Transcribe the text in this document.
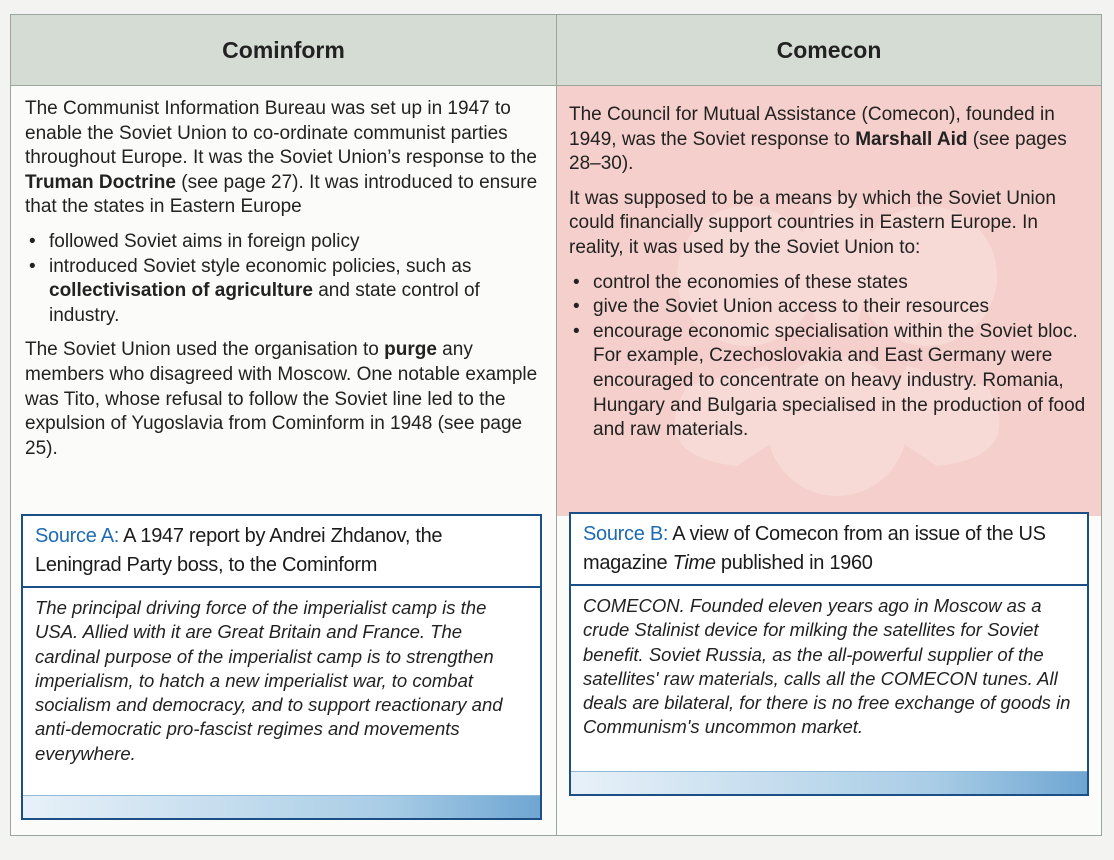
Cominform

The Communist Information Bureau was set up in 1947 to enable the Soviet Union to co-ordinate communist parties throughout Europe. It was the Soviet Union’s response to the Truman Doctrine (see page 27). It was introduced to ensure that the states in Eastern Europe

• followed Soviet aims in foreign policy
• introduced Soviet style economic policies, such as collectivisation of agriculture and state control of industry.

The Soviet Union used the organisation to purge any members who disagreed with Moscow. One notable example was Tito, whose refusal to follow the Soviet line led to the expulsion of Yugoslavia from Cominform in 1948 (see page 25).

Source A: A 1947 report by Andrei Zhdanov, the Leningrad Party boss, to the Cominform
The principal driving force of the imperialist camp is the USA. Allied with it are Great Britain and France. The cardinal purpose of the imperialist camp is to strengthen imperialism, to hatch a new imperialist war, to combat socialism and democracy, and to support reactionary and anti-democratic pro-fascist regimes and movements everywhere.
Comecon

The Council for Mutual Assistance (Comecon), founded in 1949, was the Soviet response to Marshall Aid (see pages 28–30).

It was supposed to be a means by which the Soviet Union could financially support countries in Eastern Europe. In reality, it was used by the Soviet Union to:

• control the economies of these states
• give the Soviet Union access to their resources
• encourage economic specialisation within the Soviet bloc. For example, Czechoslovakia and East Germany were encouraged to concentrate on heavy industry. Romania, Hungary and Bulgaria specialised in the production of food and raw materials.
Source B: A view of Comecon from an issue of the US magazine Time published in 1960
COMECON. Founded eleven years ago in Moscow as a crude Stalinist device for milking the satellites for Soviet benefit. Soviet Russia, as the all-powerful supplier of the satellites' raw materials, calls all the COMECON tunes. All deals are bilateral, for there is no free exchange of goods in Communism's uncommon market.
